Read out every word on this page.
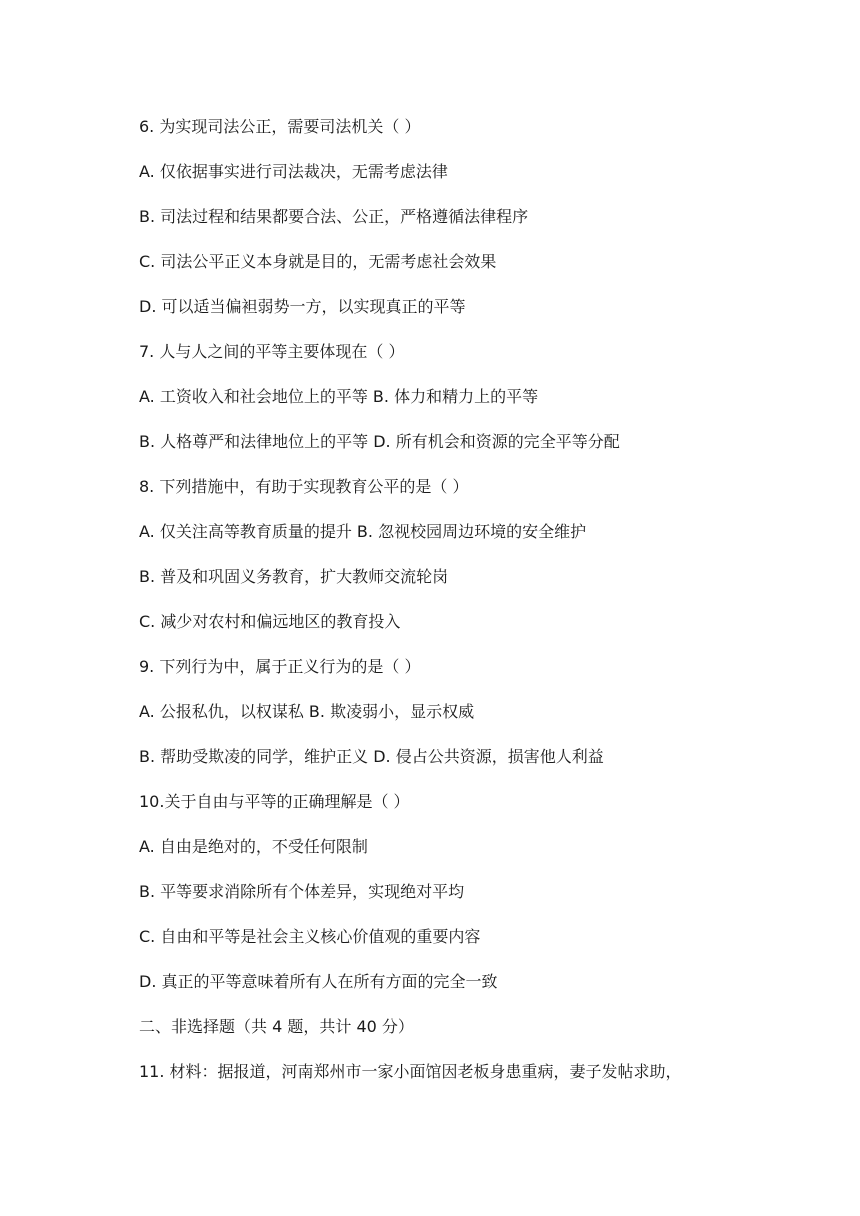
6. 为实现司法公正，需要司法机关（ ）
A. 仅依据事实进行司法裁决，无需考虑法律
B. 司法过程和结果都要合法、公正，严格遵循法律程序
C. 司法公平正义本身就是目的，无需考虑社会效果
D. 可以适当偏袒弱势一方，以实现真正的平等
7. 人与人之间的平等主要体现在（ ）
A. 工资收入和社会地位上的平等 B. 体力和精力上的平等
B. 人格尊严和法律地位上的平等 D. 所有机会和资源的完全平等分配
8. 下列措施中，有助于实现教育公平的是（ ）
A. 仅关注高等教育质量的提升 B. 忽视校园周边环境的安全维护
B. 普及和巩固义务教育，扩大教师交流轮岗
C. 减少对农村和偏远地区的教育投入
9. 下列行为中，属于正义行为的是（ ）
A. 公报私仇，以权谋私 B. 欺凌弱小，显示权威
B. 帮助受欺凌的同学，维护正义 D. 侵占公共资源，损害他人利益
10.关于自由与平等的正确理解是（ ）
A. 自由是绝对的，不受任何限制
B. 平等要求消除所有个体差异，实现绝对平均
C. 自由和平等是社会主义核心价值观的重要内容
D. 真正的平等意味着所有人在所有方面的完全一致
二、非选择题（共 4 题，共计 40 分）
11. 材料：据报道，河南郑州市一家小面馆因老板身患重病，妻子发帖求助，
